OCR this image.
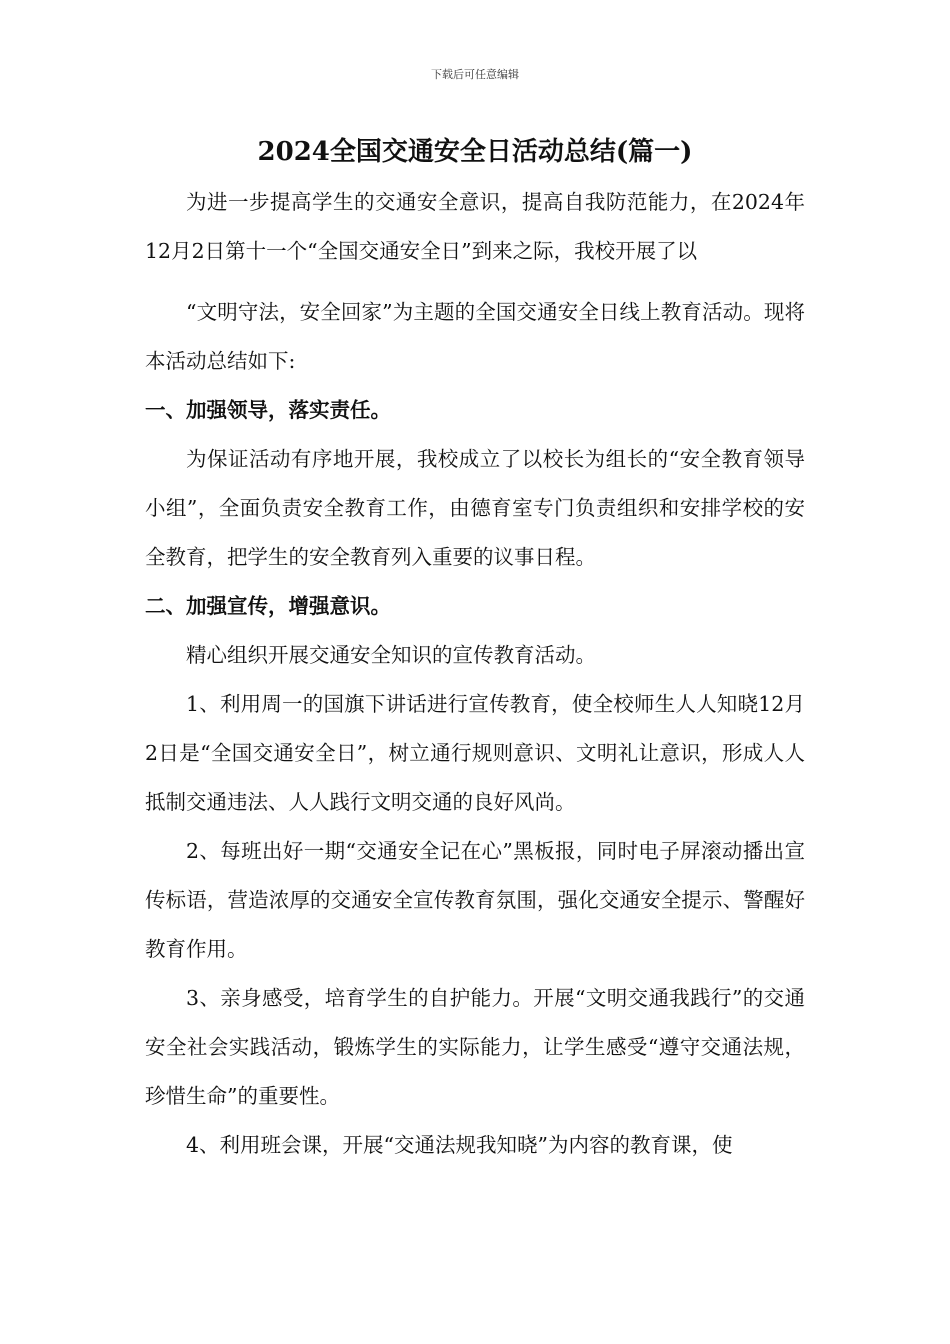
下载后可任意编辑
2024全国交通安全日活动总结(篇一)

为进一步提高学生的交通安全意识，提高自我防范能力，在2024年12月2日第十一个“全国交通安全日”到来之际，我校开展了以

“文明守法，安全回家”为主题的全国交通安全日线上教育活动。现将本活动总结如下:

一、加强领导，落实责任。

为保证活动有序地开展，我校成立了以校长为组长的“安全教育领导小组”，全面负责安全教育工作，由德育室专门负责组织和安排学校的安全教育，把学生的安全教育列入重要的议事日程。

二、加强宣传，增强意识。

精心组织开展交通安全知识的宣传教育活动。

1、利用周一的国旗下讲话进行宣传教育，使全校师生人人知晓12月2日是“全国交通安全日”，树立通行规则意识、文明礼让意识，形成人人抵制交通违法、人人践行文明交通的良好风尚。

2、每班出好一期“交通安全记在心”黑板报，同时电子屏滚动播出宣传标语，营造浓厚的交通安全宣传教育氛围，强化交通安全提示、警醒好教育作用。

3、亲身感受，培育学生的自护能力。开展“文明交通我践行”的交通安全社会实践活动，锻炼学生的实际能力，让学生感受“遵守交通法规，珍惜生命”的重要性。

4、利用班会课，开展“交通法规我知晓”为内容的教育课，使
